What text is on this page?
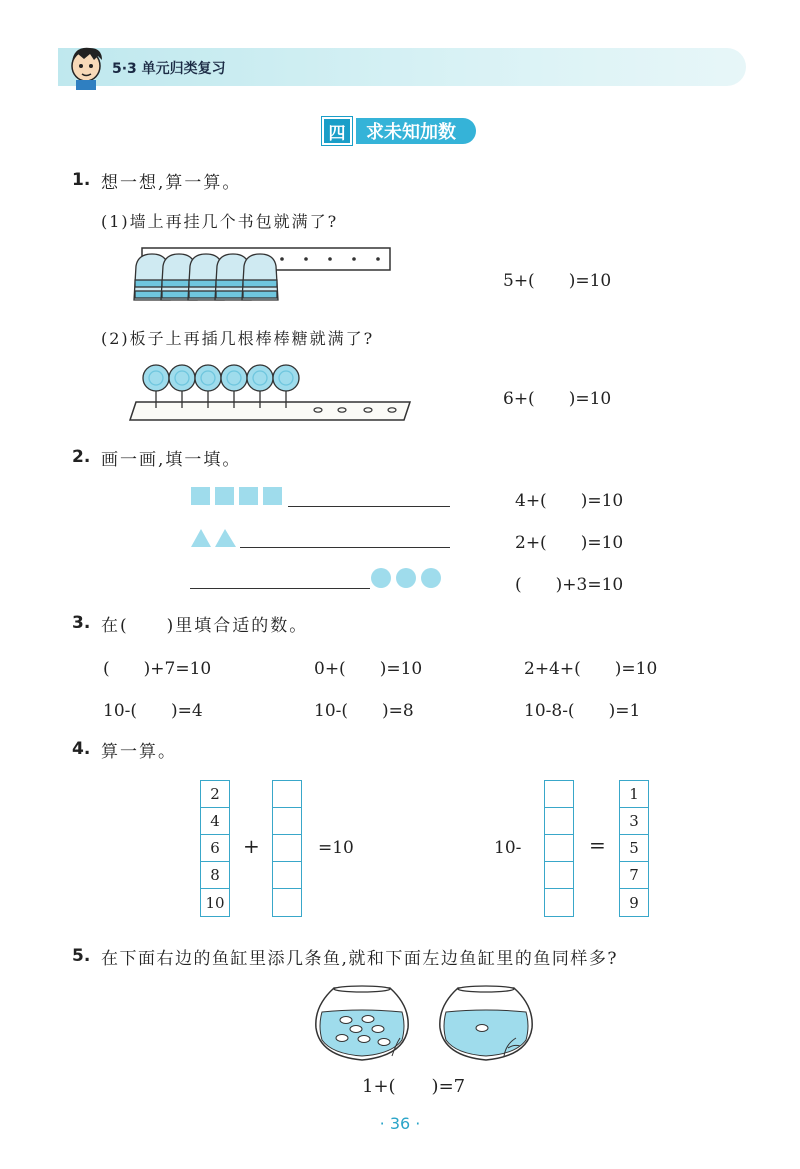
5·3 单元归类复习
四	求未知加数
1. 想一想,算一算。
(1)墙上再挂几个书包就满了?
5+(　　)=10
(2)板子上再插几根棒棒糖就满了?
6+(　　)=10
2. 画一画,填一填。
4+(　　)=10
2+(　　)=10
(　　)+3=10
3. 在(　　)里填合适的数。
(　　)+7=10	0+(　　)=10	2+4+(　　)=10
10-(　　)=4	10-(　　)=8	10-8-(　　)=1
4. 算一算。
2
4
6
8
10
+	=10	10-	=
1
3
5
7
9
5. 在下面右边的鱼缸里添几条鱼,就和下面左边鱼缸里的鱼同样多?
1+(　　)=7
· 36 ·
